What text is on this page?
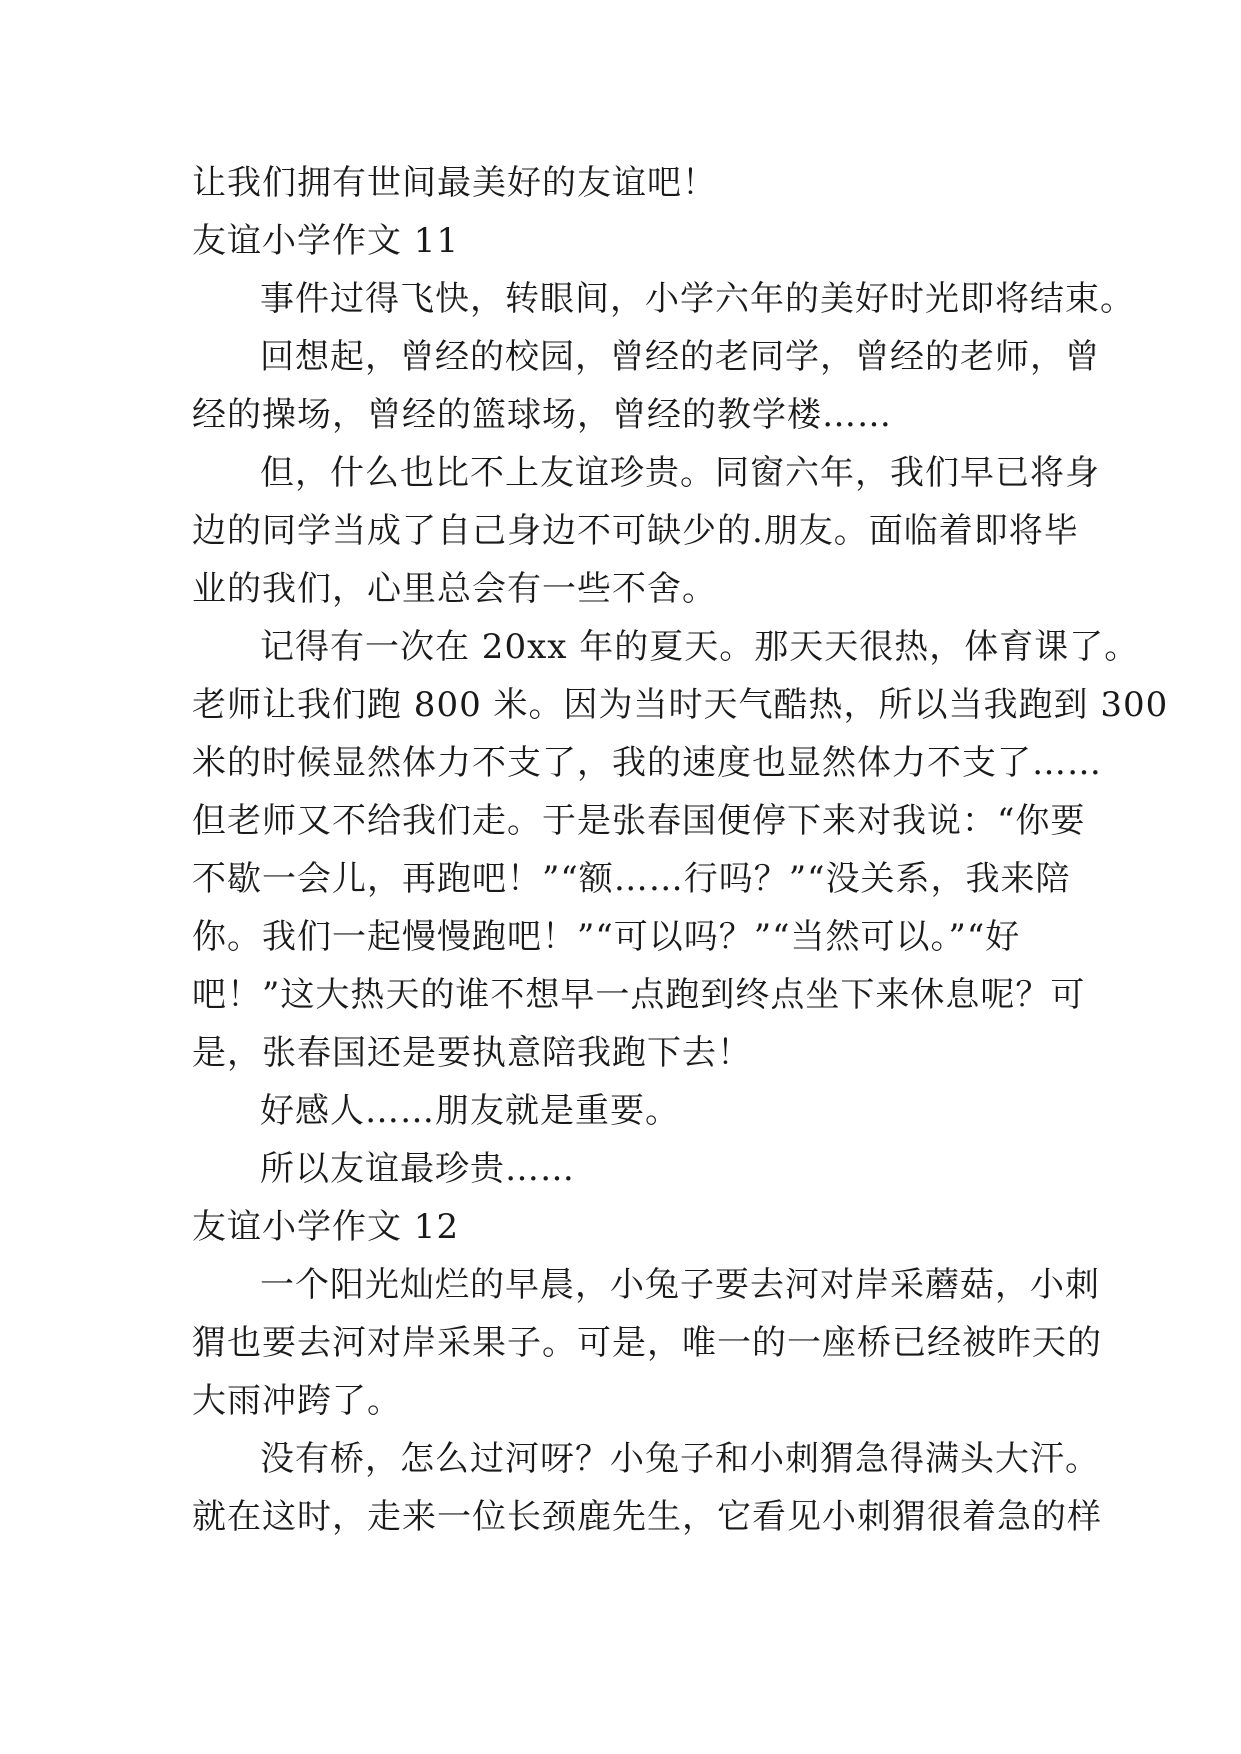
让我们拥有世间最美好的友谊吧！
友谊小学作文 11
事件过得飞快，转眼间，小学六年的美好时光即将结束。
回想起，曾经的校园，曾经的老同学，曾经的老师，曾
经的操场，曾经的篮球场，曾经的教学楼……
但，什么也比不上友谊珍贵。同窗六年，我们早已将身
边的同学当成了自己身边不可缺少的.朋友。面临着即将毕
业的我们，心里总会有一些不舍。
记得有一次在 20xx 年的夏天。那天天很热，体育课了。
老师让我们跑 800 米。因为当时天气酷热，所以当我跑到 300
米的时候显然体力不支了，我的速度也显然体力不支了……
但老师又不给我们走。于是张春国便停下来对我说：“你要
不歇一会儿，再跑吧！”“额……行吗？”“没关系，我来陪
你。我们一起慢慢跑吧！”“可以吗？”“当然可以。”“好
吧！”这大热天的谁不想早一点跑到终点坐下来休息呢？可
是，张春国还是要执意陪我跑下去！
好感人……朋友就是重要。
所以友谊最珍贵……
友谊小学作文 12
一个阳光灿烂的早晨，小兔子要去河对岸采蘑菇，小刺
猬也要去河对岸采果子。可是，唯一的一座桥已经被昨天的
大雨冲跨了。
没有桥，怎么过河呀？小兔子和小刺猬急得满头大汗。
就在这时，走来一位长颈鹿先生，它看见小刺猬很着急的样
